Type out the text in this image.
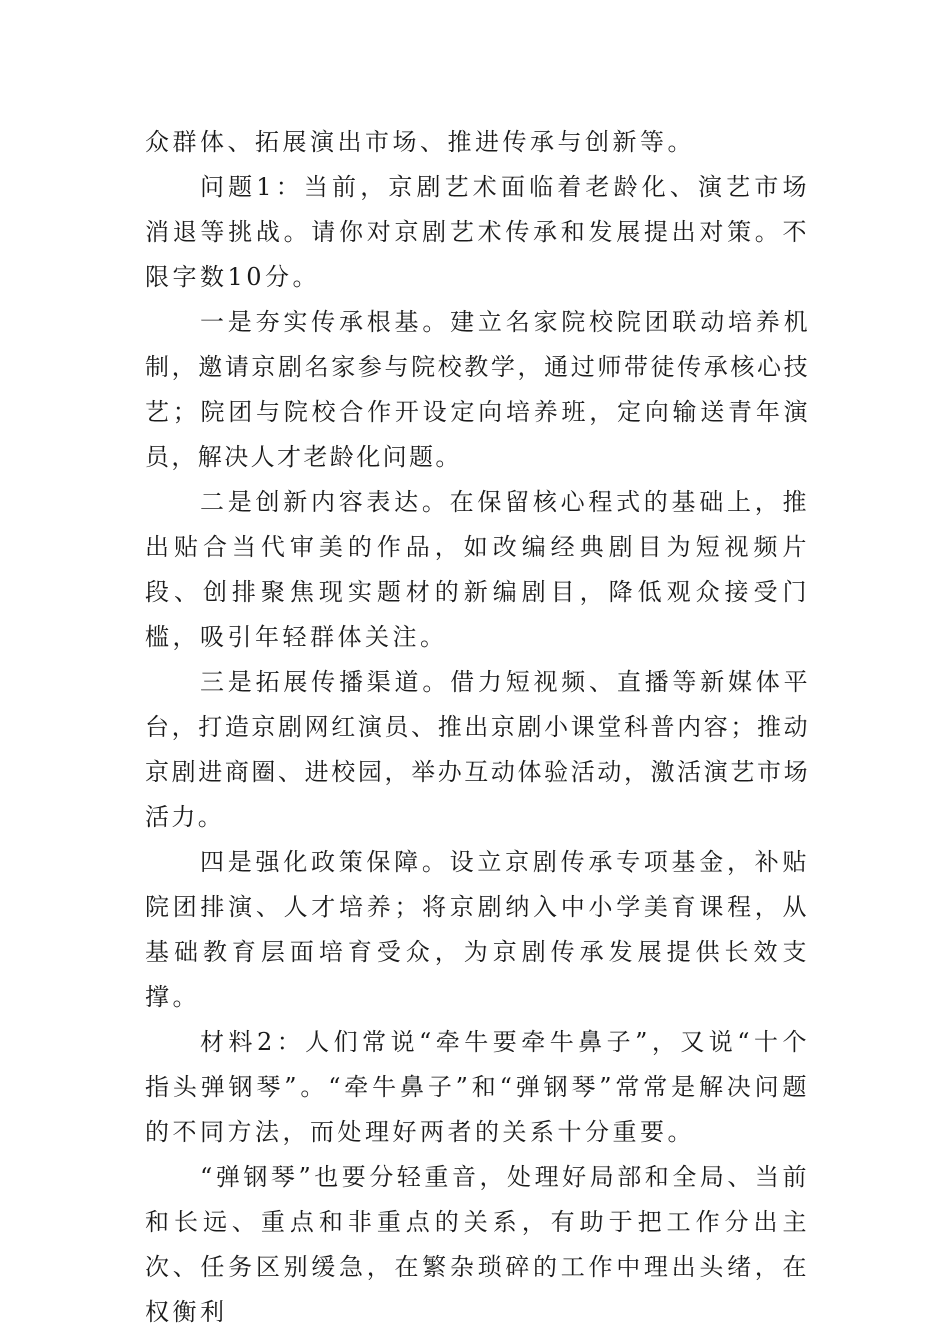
众群体、拓展演出市场、推进传承与创新等。

问题1：当前，京剧艺术面临着老龄化、演艺市场消退等挑战。请你对京剧艺术传承和发展提出对策。不限字数10分。

一是夯实传承根基。建立名家院校院团联动培养机制，邀请京剧名家参与院校教学，通过师带徒传承核心技艺；院团与院校合作开设定向培养班，定向输送青年演员，解决人才老龄化问题。

二是创新内容表达。在保留核心程式的基础上，推出贴合当代审美的作品，如改编经典剧目为短视频片段、创排聚焦现实题材的新编剧目，降低观众接受门槛，吸引年轻群体关注。

三是拓展传播渠道。借力短视频、直播等新媒体平台，打造京剧网红演员、推出京剧小课堂科普内容；推动京剧进商圈、进校园，举办互动体验活动，激活演艺市场活力。

四是强化政策保障。设立京剧传承专项基金，补贴院团排演、人才培养；将京剧纳入中小学美育课程，从基础教育层面培育受众，为京剧传承发展提供长效支撑。

材料2：人们常说“牵牛要牵牛鼻子”，又说“十个指头弹钢琴”。“牵牛鼻子”和“弹钢琴”常常是解决问题的不同方法，而处理好两者的关系十分重要。

“弹钢琴”也要分轻重音，处理好局部和全局、当前和长远、重点和非重点的关系，有助于把工作分出主次、任务区别缓急，在繁杂琐碎的工作中理出头绪，在权衡利
